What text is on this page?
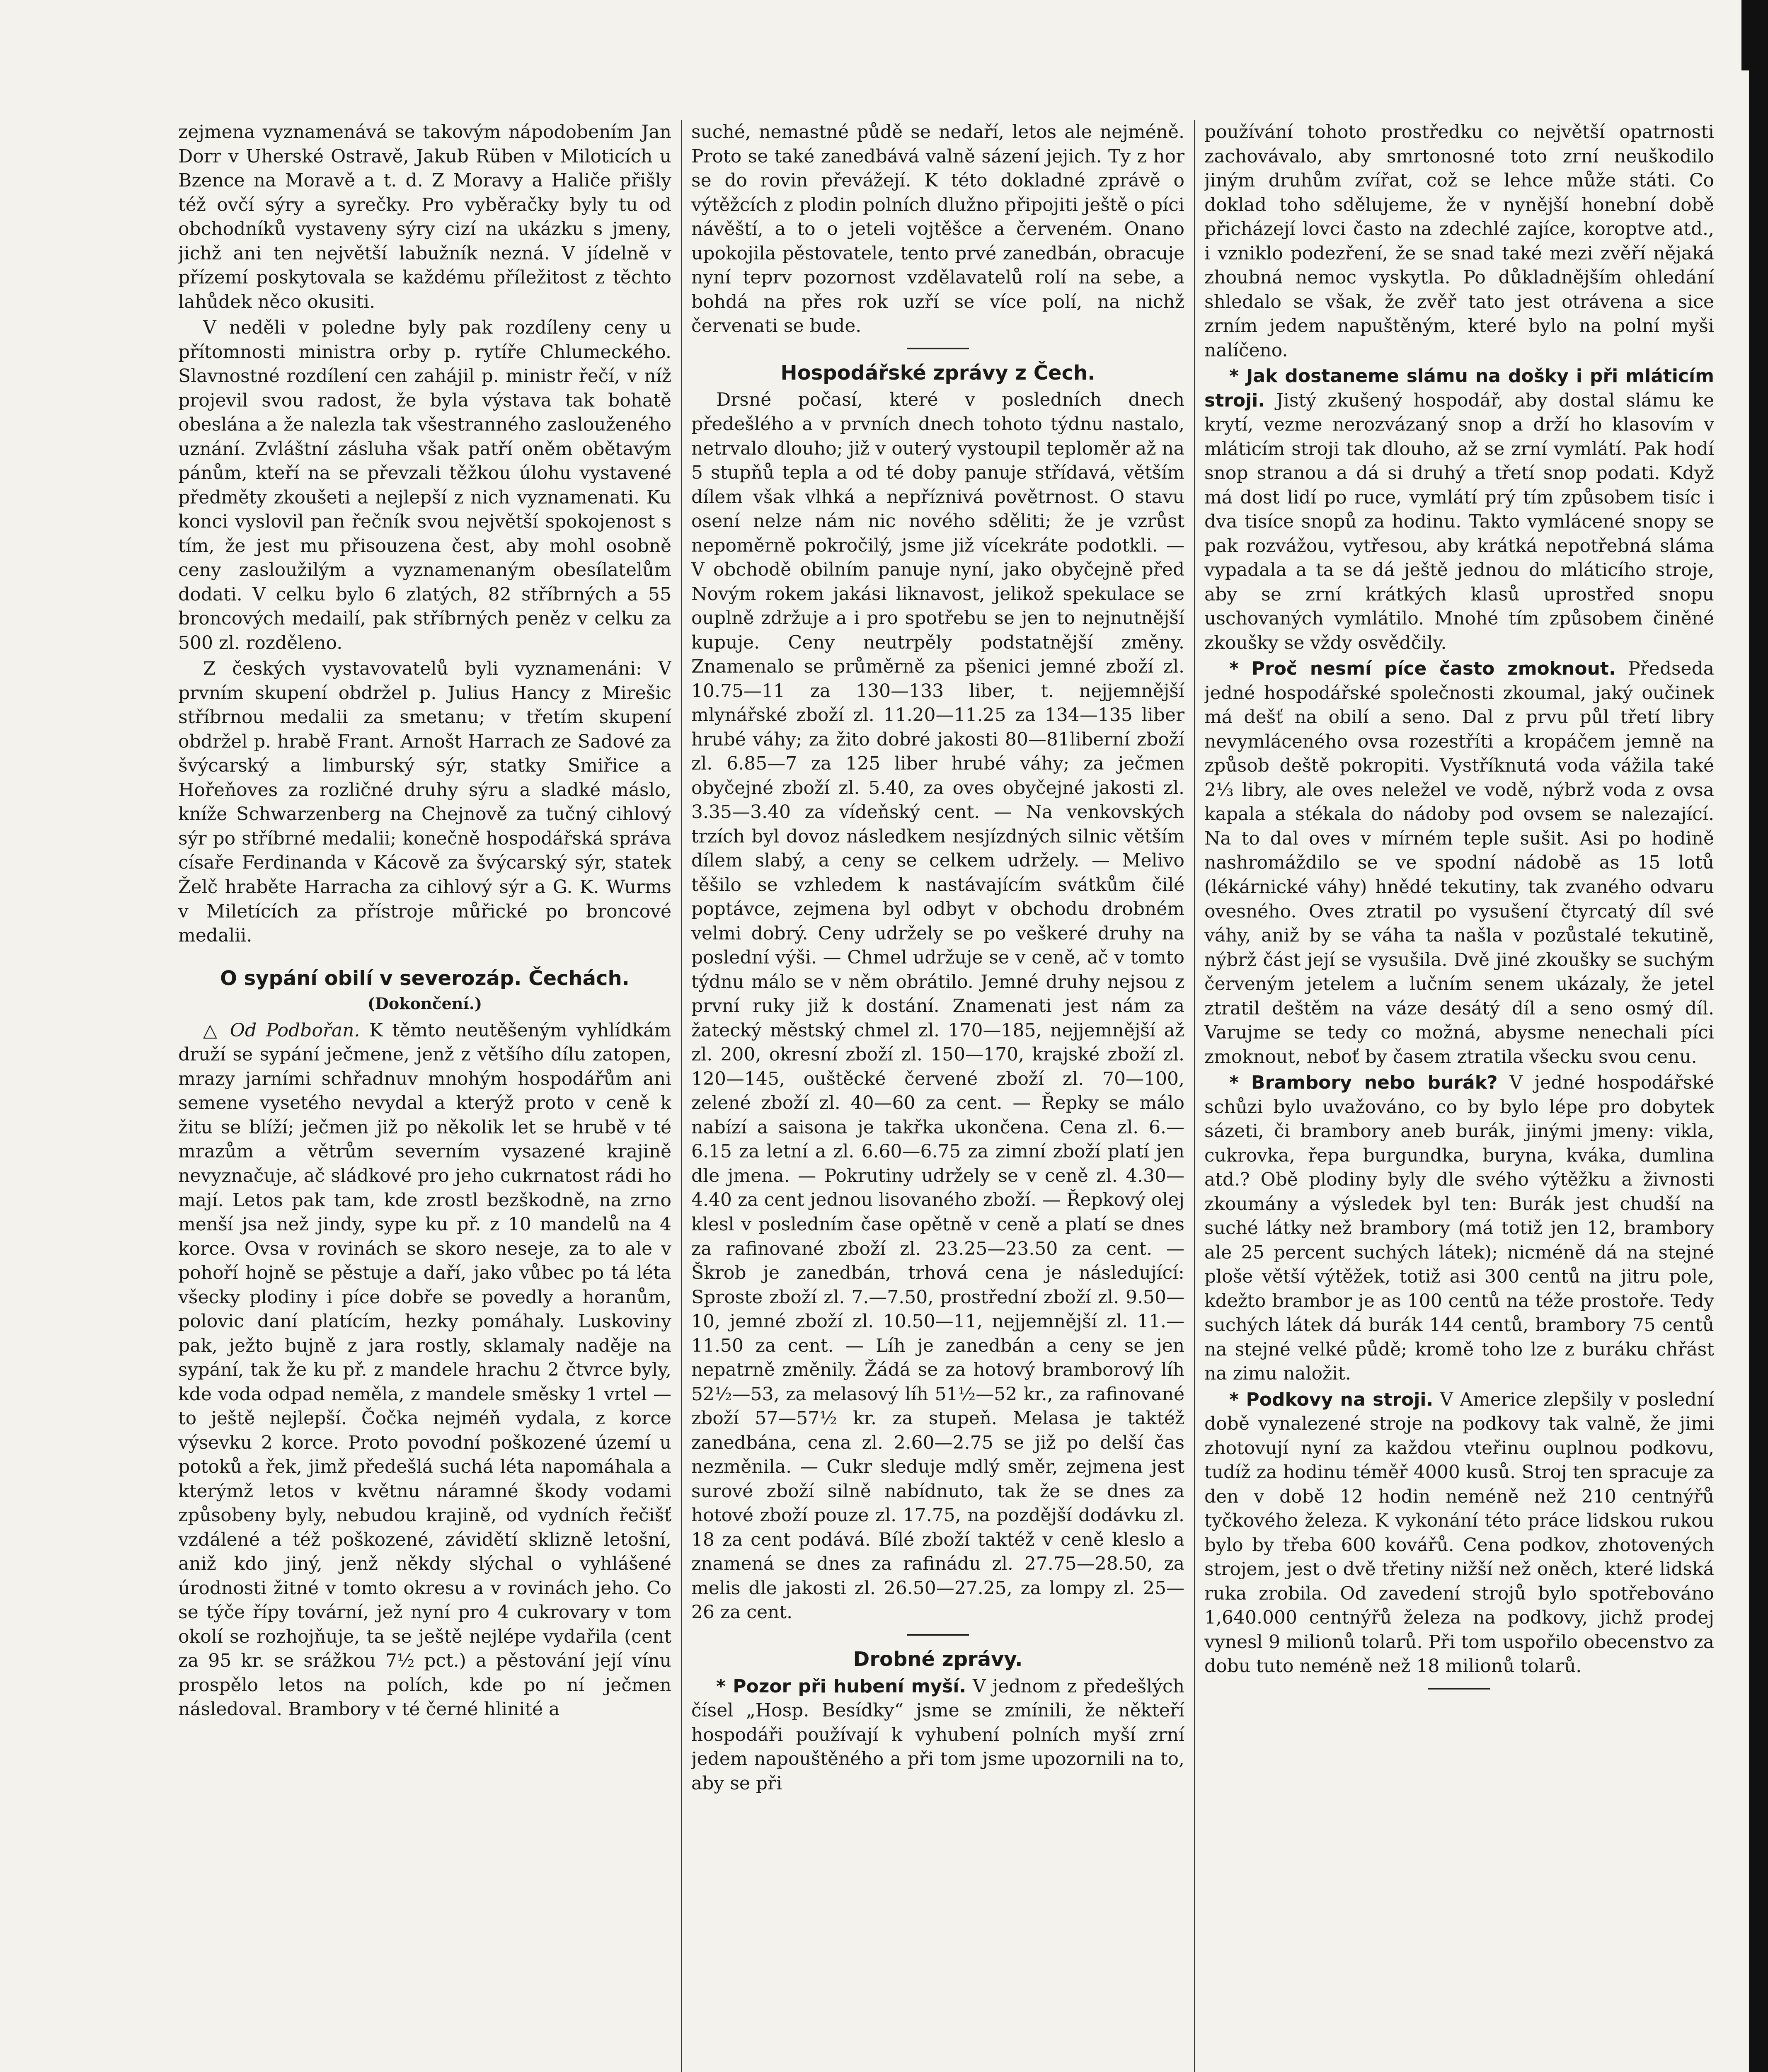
zejmena vyznamenává se takovým nápodobením Jan Dorr v Uherské Ostravě, Jakub Rüben v Miloticích u Bzence na Moravě a t. d. Z Moravy a Haliče přišly též ovčí sýry a syrečky. Pro vyběračky byly tu od obchodníků vystaveny sýry cizí na ukázku s jmeny, jichž ani ten největší labužník nezná. V jídelně v přízemí poskytovala se každému příležitost z těchto lahůdek něco okusiti.

V neděli v poledne byly pak rozdíleny ceny u přítomnosti ministra orby p. rytíře Chlumeckého. Slavnostné rozdílení cen zahájil p. ministr řečí, v níž projevil svou radost, že byla výstava tak bohatě obeslána a že nalezla tak všestranného zaslouženého uznání. Zvláštní zásluha však patří oněm obětavým pánům, kteří na se převzali těžkou úlohu vystavené předměty zkoušeti a nejlepší z nich vyznamenati. Ku konci vyslovil pan řečník svou největší spokojenost s tím, že jest mu přisouzena čest, aby mohl osobně ceny zasloužilým a vyznamenaným obesílatelům dodati. V celku bylo 6 zlatých, 82 stříbrných a 55 broncových medailí, pak stříbrných peněz v celku za 500 zl. rozděleno.

Z českých vystavovatelů byli vyznamenáni: V prvním skupení obdržel p. Julius Hancy z Mirešic stříbrnou medalii za smetanu; v třetím skupení obdržel p. hrabě Frant. Arnošt Harrach ze Sadové za švýcarský a limburský sýr, statky Smiřice a Hořeňoves za rozličné druhy sýru a sladké máslo, kníže Schwarzenberg na Chejnově za tučný cihlový sýr po stříbrné medalii; konečně hospodářská správa císaře Ferdinanda v Kácově za švýcarský sýr, statek Želč hraběte Harracha za cihlový sýr a G. K. Wurms v Miletících za přístroje můřické po broncové medalii.

O sypání obilí v severozáp. Čechách.
(Dokončení.)

△ Od Podbořan. K těmto neutěšeným vyhlídkám druží se sypání ječmene, jenž z většího dílu zatopen, mrazy jarními schřadnuv mnohým hospodářům ani semene vysetého nevydal a kterýž proto v ceně k žitu se blíží; ječmen již po několik let se hrubě v té mrazům a větrům severním vysazené krajině nevyznačuje, ač sládkové pro jeho cukrnatost rádi ho mají. Letos pak tam, kde zrostl bezškodně, na zrno menší jsa než jindy, sype ku př. z 10 mandelů na 4 korce. Ovsa v rovinách se skoro neseje, za to ale v pohoří hojně se pěstuje a daří, jako vůbec po tá léta všecky plodiny i píce dobře se povedly a horanům, polovic daní platícím, hezky pomáhaly. Luskoviny pak, ježto bujně z jara rostly, sklamaly naděje na sypání, tak že ku př. z mandele hrachu 2 čtvrce byly, kde voda odpad neměla, z mandele směsky 1 vrtel — to ještě nejlepší. Čočka nejméň vydala, z korce výsevku 2 korce. Proto povodní poškozené území u potoků a řek, jimž předešlá suchá léta napomáhala a kterýmž letos v květnu náramné škody vodami způsobeny byly, nebudou krajině, od vydních řečišť vzdálené a též poškozené, závidětí sklizně letošní, aniž kdo jiný, jenž někdy slýchal o vyhlášené úrodnosti žitné v tomto okresu a v rovinách jeho. Co se týče řípy tovární, jež nyní pro 4 cukrovary v tom okolí se rozhojňuje, ta se ještě nejlépe vydařila (cent za 95 kr. se srážkou 7½ pct.) a pěstování její vínu prospělo letos na polích, kde po ní ječmen následoval. Brambory v té černé hlinité a

suché, nemastné půdě se nedaří, letos ale nejméně. Proto se také zanedbává valně sázení jejich. Ty z hor se do rovin převážejí. K této dokladné zprávě o výtěžcích z plodin polních dlužno připojiti ještě o píci návěští, a to o jeteli vojtěšce a červeném. Onano upokojila pěstovatele, tento prvé zanedbán, obracuje nyní teprv pozornost vzdělavatelů rolí na sebe, a bohdá na přes rok uzří se více polí, na nichž červenati se bude.

Hospodářské zprávy z Čech.

Drsné počasí, které v posledních dnech předešlého a v prvních dnech tohoto týdnu nastalo, netrvalo dlouho; již v outerý vystoupil teploměr až na 5 stupňů tepla a od té doby panuje střídavá, větším dílem však vlhká a nepříznivá povětrnost. O stavu osení nelze nám nic nového sděliti; že je vzrůst nepoměrně pokročilý, jsme již vícekráte podotkli. — V obchodě obilním panuje nyní, jako obyčejně před Novým rokem jakási liknavost, jelikož spekulace se ouplně zdržuje a i pro spotřebu se jen to nejnutnější kupuje. Ceny neutrpěly podstatnější změny. Znamenalo se průměrně za pšenici jemné zboží zl. 10.75—11 za 130—133 liber, t. nejjemnější mlynářské zboží zl. 11.20—11.25 za 134—135 liber hrubé váhy; za žito dobré jakosti 80—81liberní zboží zl. 6.85—7 za 125 liber hrubé váhy; za ječmen obyčejné zboží zl. 5.40, za oves obyčejné jakosti zl. 3.35—3.40 za vídeňský cent. — Na venkovských trzích byl dovoz následkem nesjízdných silnic větším dílem slabý, a ceny se celkem udržely. — Melivo těšilo se vzhledem k nastávajícím svátkům čilé poptávce, zejmena byl odbyt v obchodu drobném velmi dobrý. Ceny udržely se po veškeré druhy na poslední výši. — Chmel udržuje se v ceně, ač v tomto týdnu málo se v něm obrátilo. Jemné druhy nejsou z první ruky již k dostání. Znamenati jest nám za žatecký městský chmel zl. 170—185, nejjemnější až zl. 200, okresní zboží zl. 150—170, krajské zboží zl. 120—145, ouštěcké červené zboží zl. 70—100, zelené zboží zl. 40—60 za cent. — Řepky se málo nabízí a saisona je takřka ukončena. Cena zl. 6.—6.15 za letní a zl. 6.60—6.75 za zimní zboží platí jen dle jmena. — Pokrutiny udržely se v ceně zl. 4.30—4.40 za cent jednou lisovaného zboží. — Řepkový olej klesl v posledním čase opětně v ceně a platí se dnes za rafinované zboží zl. 23.25—23.50 za cent. — Škrob je zanedbán, trhová cena je následující: Sproste zboží zl. 7.—7.50, prostřední zboží zl. 9.50—10, jemné zboží zl. 10.50—11, nejjemnější zl. 11.—11.50 za cent. — Líh je zanedbán a ceny se jen nepatrně změnily. Žádá se za hotový bramborový líh 52½—53, za melasový líh 51½—52 kr., za rafinované zboží 57—57½ kr. za stupeň. Melasa je taktéž zanedbána, cena zl. 2.60—2.75 se již po delší čas nezměnila. — Cukr sleduje mdlý směr, zejmena jest surové zboží silně nabídnuto, tak že se dnes za hotové zboží pouze zl. 17.75, na pozdější dodávku zl. 18 za cent podává. Bílé zboží taktéž v ceně kleslo a znamená se dnes za rafinádu zl. 27.75—28.50, za melis dle jakosti zl. 26.50—27.25, za lompy zl. 25—26 za cent.

Drobné zprávy.

* Pozor při hubení myší. V jednom z předešlých čísel „Hosp. Besídky“ jsme se zmínili, že někteří hospodáři používají k vyhubení polních myší zrní jedem napouštěného a při tom jsme upozornili na to, aby se při

používání tohoto prostředku co největší opatrnosti zachovávalo, aby smrtonosné toto zrní neuškodilo jiným druhům zvířat, což se lehce může státi. Co doklad toho sdělujeme, že v nynější honební době přicházejí lovci často na zdechlé zajíce, koroptve atd., i vzniklo podezření, že se snad také mezi zvěří nějaká zhoubná nemoc vyskytla. Po důkladnějším ohledání shledalo se však, že zvěř tato jest otrávena a sice zrním jedem napuštěným, které bylo na polní myši nalíčeno.

* Jak dostaneme slámu na došky i při mláticím stroji. Jistý zkušený hospodář, aby dostal slámu ke krytí, vezme nerozvázaný snop a drží ho klasovím v mláticím stroji tak dlouho, až se zrní vymlátí. Pak hodí snop stranou a dá si druhý a třetí snop podati. Když má dost lidí po ruce, vymlátí prý tím způsobem tisíc i dva tisíce snopů za hodinu. Takto vymlácené snopy se pak rozvážou, vytřesou, aby krátká nepotřebná sláma vypadala a ta se dá ještě jednou do mláticího stroje, aby se zrní krátkých klasů uprostřed snopu uschovaných vymlátilo. Mnohé tím způsobem činěné zkoušky se vždy osvědčily.

* Proč nesmí píce často zmoknout. Předseda jedné hospodářské společnosti zkoumal, jaký oučinek má dešť na obilí a seno. Dal z prvu půl třetí libry nevymláceného ovsa rozestříti a kropáčem jemně na způsob deště pokropiti. Vystříknutá voda vážila také 2⅓ libry, ale oves neležel ve vodě, nýbrž voda z ovsa kapala a stékala do nádoby pod ovsem se nalezající. Na to dal oves v mírném teple sušit. Asi po hodině nashromáždilo se ve spodní nádobě as 15 lotů (lékárnické váhy) hnědé tekutiny, tak zvaného odvaru ovesného. Oves ztratil po vysušení čtyrcatý díl své váhy, aniž by se váha ta našla v pozůstalé tekutině, nýbrž část její se vysušila. Dvě jiné zkoušky se suchým červeným jetelem a lučním senem ukázaly, že jetel ztratil deštěm na váze desátý díl a seno osmý díl. Varujme se tedy co možná, abysme nenechali píci zmoknout, neboť by časem ztratila všecku svou cenu.

* Brambory nebo burák? V jedné hospodářské schůzi bylo uvažováno, co by bylo lépe pro dobytek sázeti, či brambory aneb burák, jinými jmeny: vikla, cukrovka, řepa burgundka, buryna, kváka, dumlina atd.? Obě plodiny byly dle svého výtěžku a živnosti zkoumány a výsledek byl ten: Burák jest chudší na suché látky než brambory (má totiž jen 12, brambory ale 25 percent suchých látek); nicméně dá na stejné ploše větší výtěžek, totiž asi 300 centů na jitru pole, kdežto brambor je as 100 centů na téže prostoře. Tedy suchých látek dá burák 144 centů, brambory 75 centů na stejné velké půdě; kromě toho lze z buráku chřást na zimu naložit.

* Podkovy na stroji. V Americe zlepšily v poslední době vynalezené stroje na podkovy tak valně, že jimi zhotovují nyní za každou vteřinu ouplnou podkovu, tudíž za hodinu téměř 4000 kusů. Stroj ten spracuje za den v době 12 hodin neméně než 210 centnýřů tyčkového železa. K vykonání této práce lidskou rukou bylo by třeba 600 kovářů. Cena podkov, zhotovených strojem, jest o dvě třetiny nižší než oněch, které lidská ruka zrobila. Od zavedení strojů bylo spotřebováno 1,640.000 centnýřů železa na podkovy, jichž prodej vynesl 9 milionů tolarů. Při tom uspořilo obecenstvo za dobu tuto neméně než 18 milionů tolarů.
